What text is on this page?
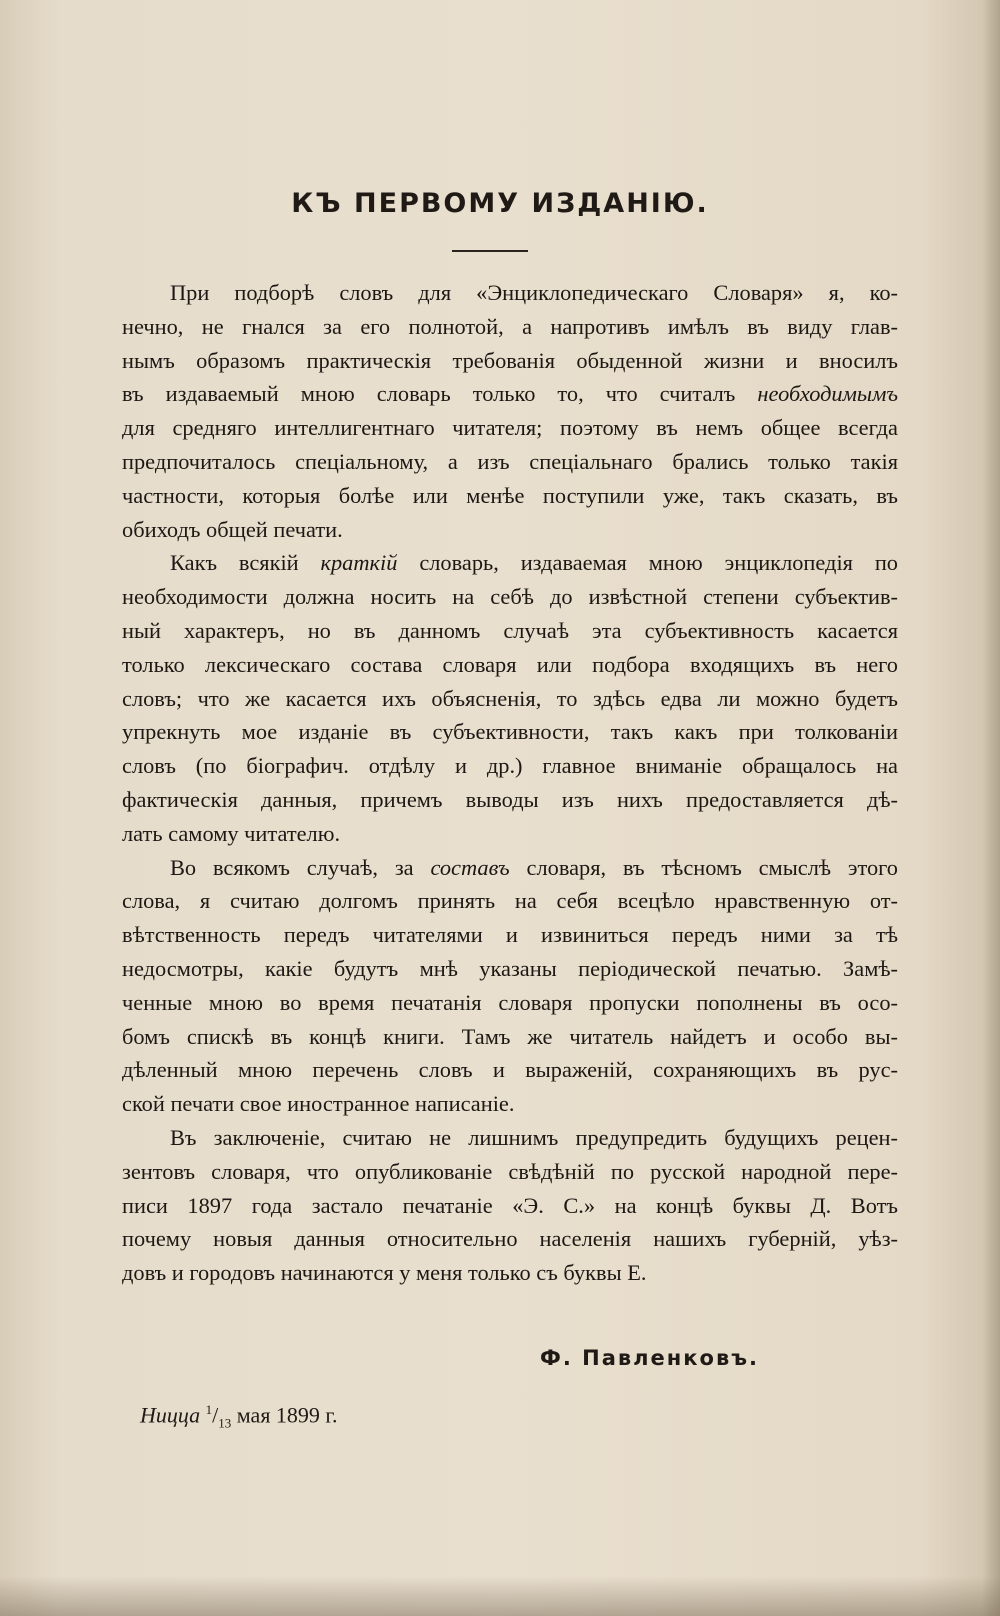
КЪ ПЕРВОМУ ИЗДАНІЮ.
При подборѣ словъ для «Энциклопедическаго Словаря» я, ко-
нечно, не гнался за его полнотой, а напротивъ имѣлъ въ виду глав-
нымъ образомъ практическія требованія обыденной жизни и вносилъ
въ издаваемый мною словарь только то, что считалъ необходимымъ
для средняго интеллигентнаго читателя; поэтому въ немъ общее всегда
предпочиталось спеціальному, а изъ спеціальнаго брались только такія
частности, которыя болѣе или менѣе поступили уже, такъ сказать, въ
обиходъ общей печати.
Какъ всякій краткій словарь, издаваемая мною энциклопедія по
необходимости должна носить на себѣ до извѣстной степени субъектив-
ный характеръ, но въ данномъ случаѣ эта субъективность касается
только лексическаго состава словаря или подбора входящихъ въ него
словъ; что же касается ихъ объясненія, то здѣсь едва ли можно будетъ
упрекнуть мое изданіе въ субъективности, такъ какъ при толкованіи
словъ (по біографич. отдѣлу и др.) главное вниманіе обращалось на
фактическія данныя, причемъ выводы изъ нихъ предоставляется дѣ-
лать самому читателю.
Во всякомъ случаѣ, за составъ словаря, въ тѣсномъ смыслѣ этого
слова, я считаю долгомъ принять на себя всецѣло нравственную от-
вѣтственность передъ читателями и извиниться передъ ними за тѣ
недосмотры, какіе будутъ мнѣ указаны періодической печатью. Замѣ-
ченные мною во время печатанія словаря пропуски пополнены въ осо-
бомъ спискѣ въ концѣ книги. Тамъ же читатель найдетъ и особо вы-
дѣленный мною перечень словъ и выраженій, сохраняющихъ въ рус-
ской печати свое иностранное написаніе.
Въ заключеніе, считаю не лишнимъ предупредить будущихъ рецен-
зентовъ словаря, что опубликованіе свѣдѣній по русской народной пере-
писи 1897 года застало печатаніе «Э. С.» на концѣ буквы Д. Вотъ
почему новыя данныя относительно населенія нашихъ губерній, уѣз-
довъ и городовъ начинаются у меня только съ буквы Е.
Ф. Павленковъ.
Ницца $^1/_{13}$ мая 1899 г.
